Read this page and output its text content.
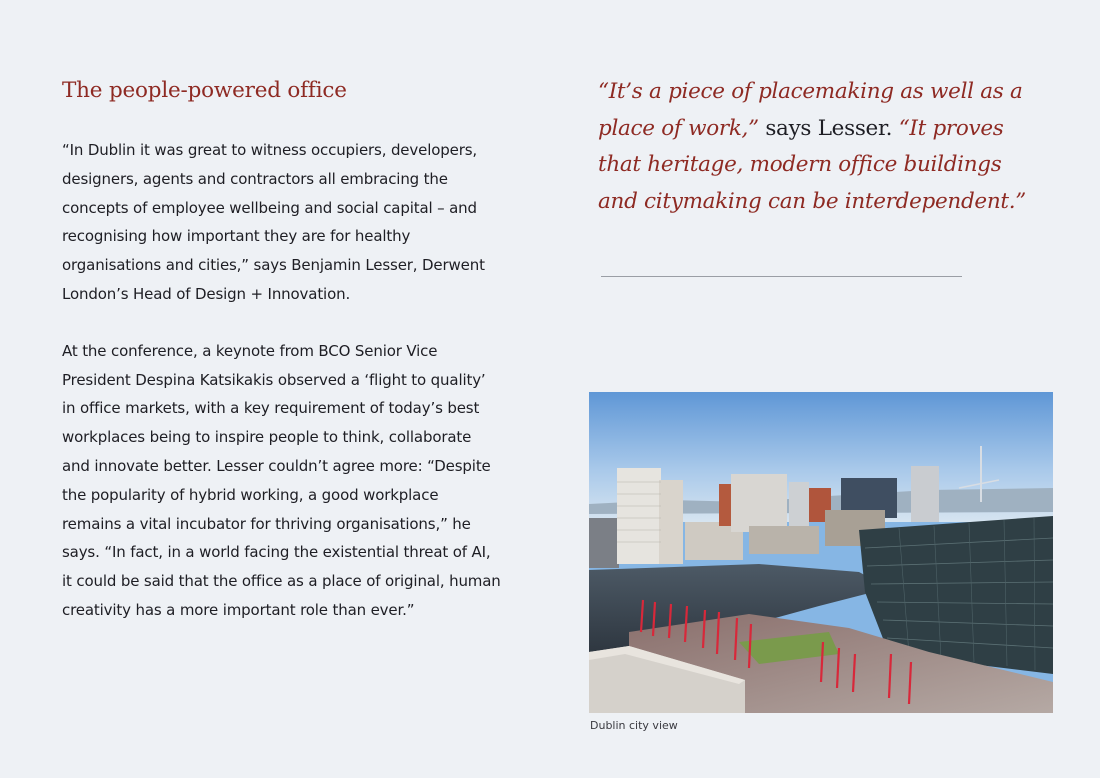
The people-powered office

“In Dublin it was great to witness occupiers, developers, designers, agents and contractors all embracing the concepts of employee wellbeing and social capital – and recognising how important they are for healthy organisations and cities,” says Benjamin Lesser, Derwent London’s Head of Design + Innovation.

At the conference, a keynote from BCO Senior Vice President Despina Katsikakis observed a ‘flight to quality’ in office markets, with a key requirement of today’s best workplaces being to inspire people to think, collaborate and innovate better. Lesser couldn’t agree more: “Despite the popularity of hybrid working, a good workplace remains a vital incubator for thriving organisations,” he says. “In fact, in a world facing the existential threat of AI, it could be said that the office as a place of original, human creativity has a more important role than ever.”

“It’s a piece of placemaking as well as a place of work,” says Lesser. “It proves that heritage, modern office buildings and citymaking can be interdependent.”
Dublin city view
